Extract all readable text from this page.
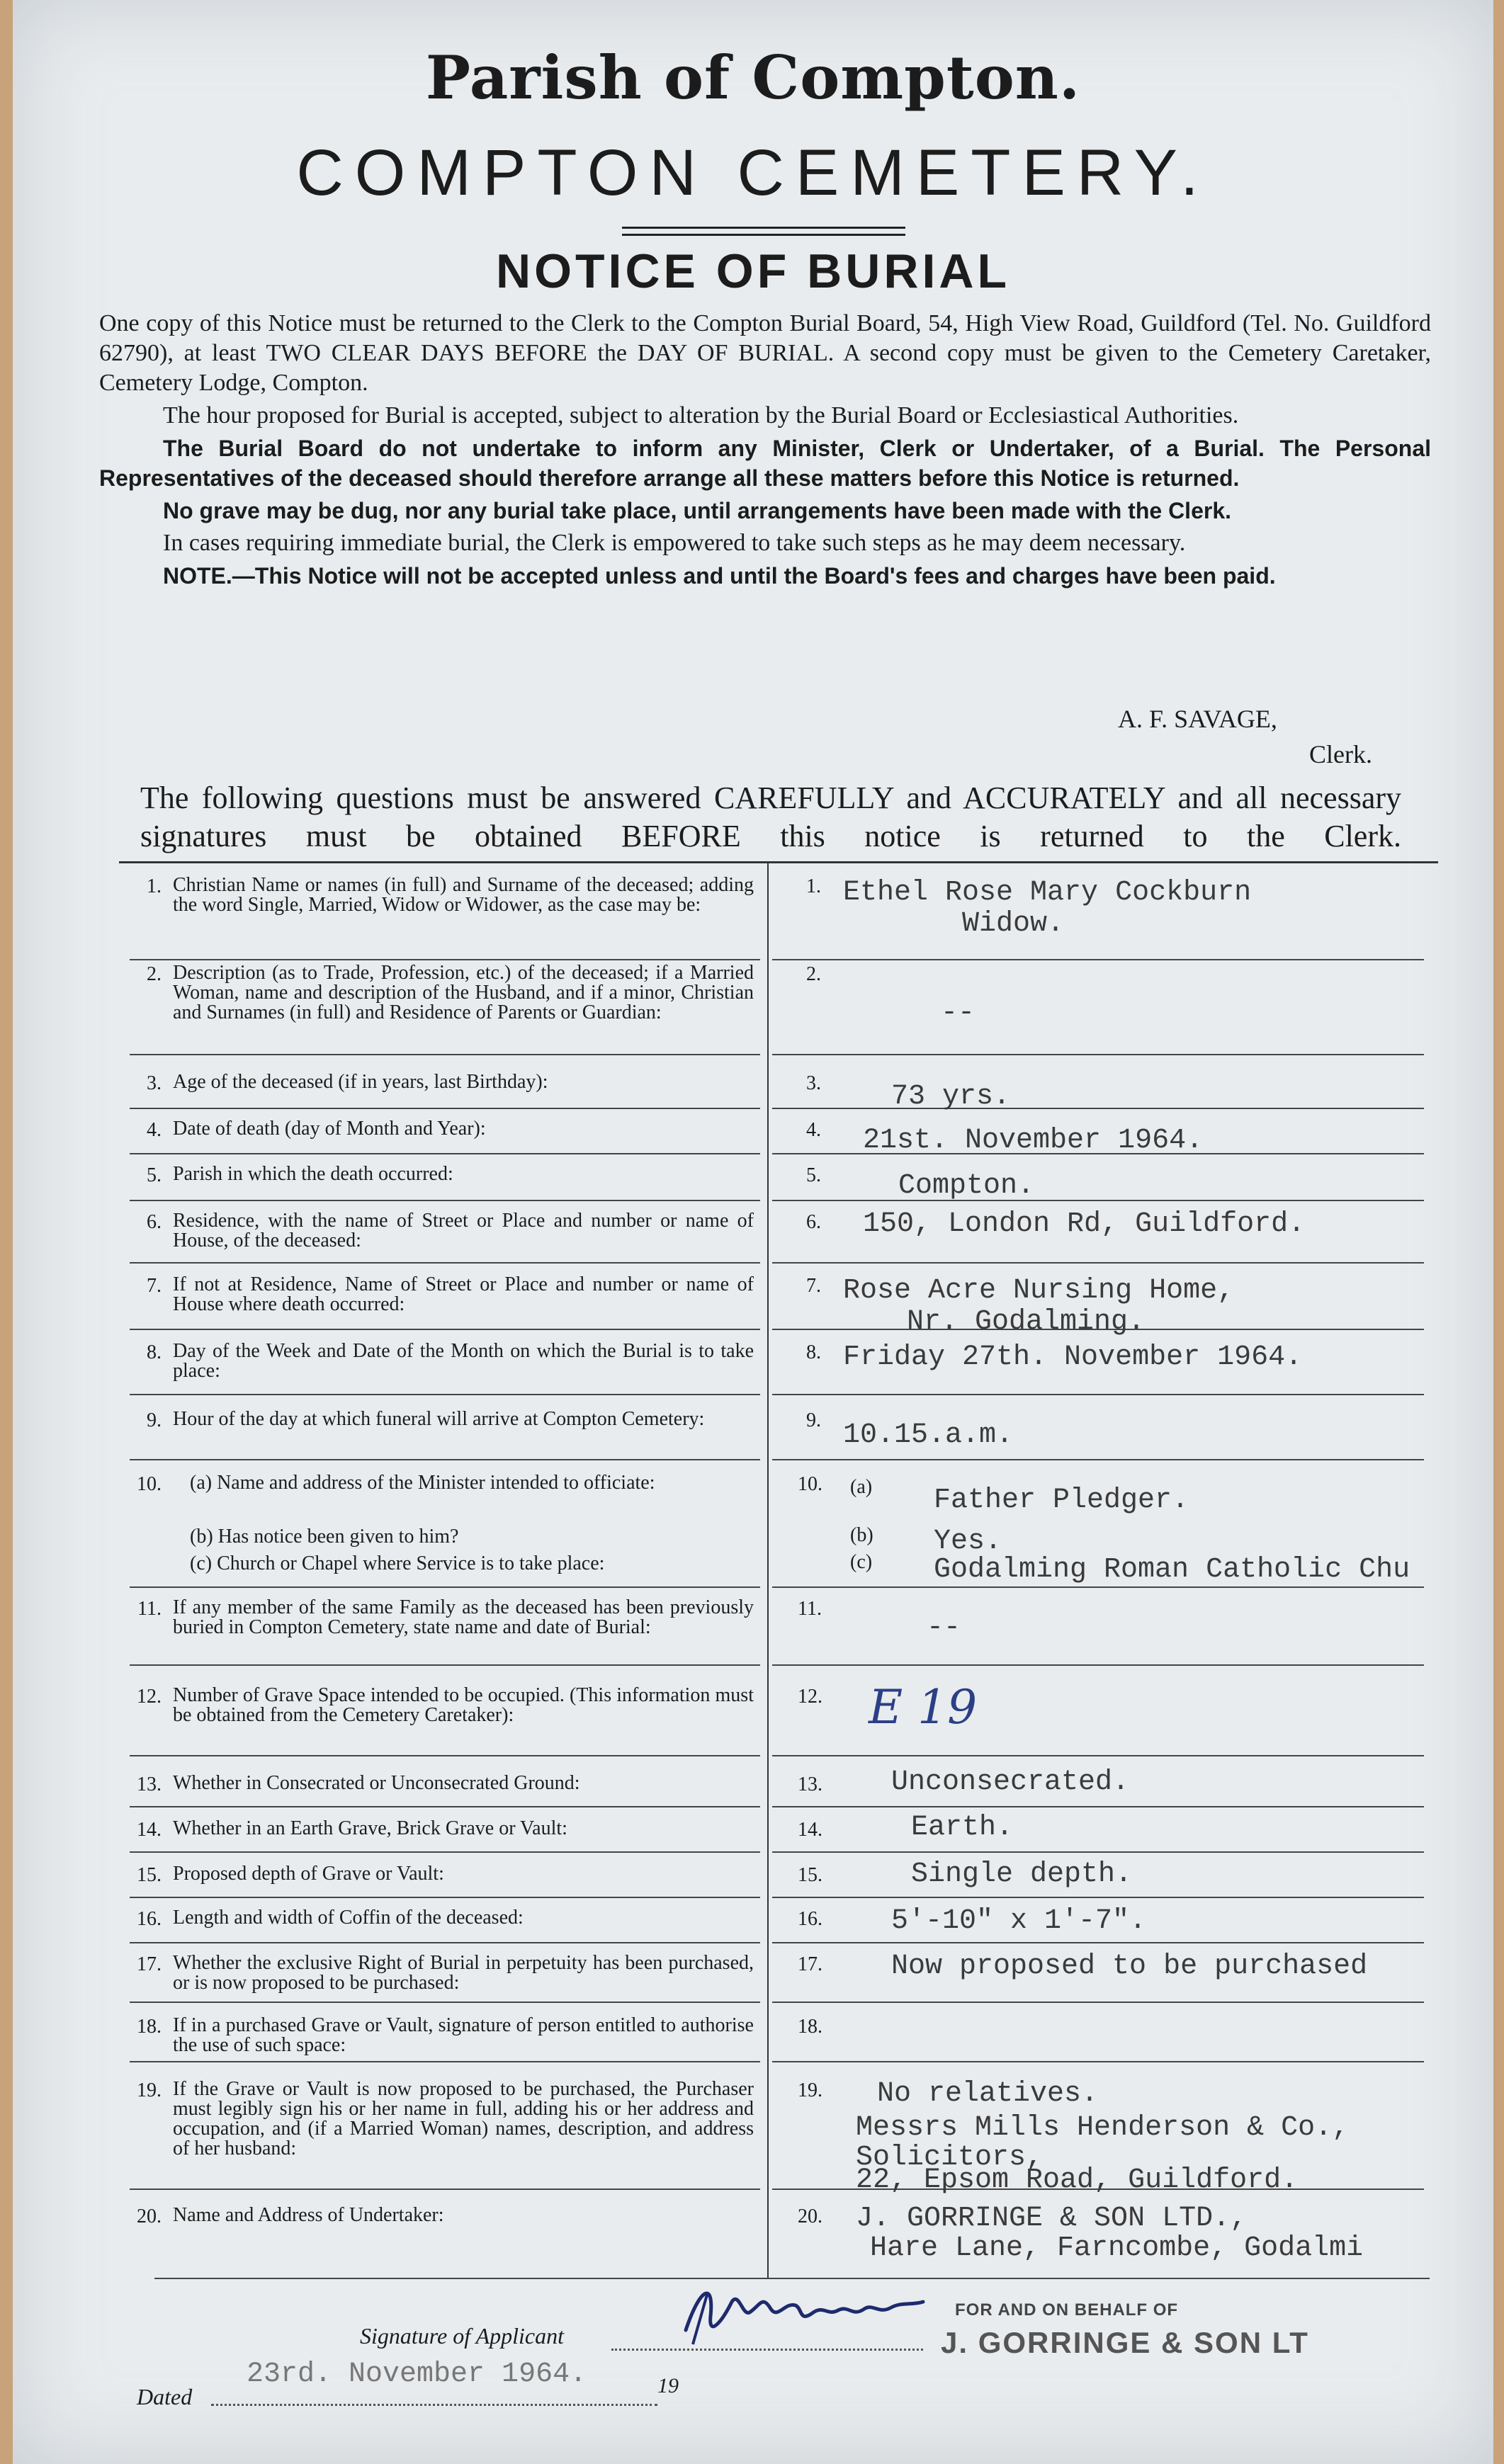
Parish of Compton.
COMPTON CEMETERY.
NOTICE OF BURIAL

One copy of this Notice must be returned to the Clerk to the Compton Burial Board, 54, High View Road, Guildford (Tel. No. Guildford 62790), at least TWO CLEAR DAYS BEFORE the DAY OF BURIAL. A second copy must be given to the Cemetery Caretaker, Cemetery Lodge, Compton.

The hour proposed for Burial is accepted, subject to alteration by the Burial Board or Ecclesiastical Authorities.

The Burial Board do not undertake to inform any Minister, Clerk or Undertaker, of a Burial. The Personal Representatives of the deceased should therefore arrange all these matters before this Notice is returned.

No grave may be dug, nor any burial take place, until arrangements have been made with the Clerk.

In cases requiring immediate burial, the Clerk is empowered to take such steps as he may deem necessary.

NOTE.—This Notice will not be accepted unless and until the Board's fees and charges have been paid.

A. F. SAVAGE,
Clerk.
The following questions must be answered CAREFULLY and ACCURATELY and all necessary signatures must be obtained BEFORE this notice is returned to the Clerk.
1. Christian Name or names (in full) and Surname of the deceased; adding the word Single, Married, Widow or Widower, as the case may be:
2. Description (as to Trade, Profession, etc.) of the deceased; if a Married Woman, name and description of the Husband, and if a minor, Christian and Surnames (in full) and Residence of Parents or Guardian:
3. Age of the deceased (if in years, last Birthday):
4. Date of death (day of Month and Year):
5. Parish in which the death occurred:
6. Residence, with the name of Street or Place and number or name of House, of the deceased:
7. If not at Residence, Name of Street or Place and number or name of House where death occurred:
8. Day of the Week and Date of the Month on which the Burial is to take place:
9. Hour of the day at which funeral will arrive at Compton Cemetery:
10. (a) Name and address of the Minister intended to officiate:
(b) Has notice been given to him?
(c) Church or Chapel where Service is to take place:
11. If any member of the same Family as the deceased has been previously buried in Compton Cemetery, state name and date of Burial:
12. Number of Grave Space intended to be occupied. (This information must be obtained from the Cemetery Caretaker):
13. Whether in Consecrated or Unconsecrated Ground:
14. Whether in an Earth Grave, Brick Grave or Vault:
15. Proposed depth of Grave or Vault:
16. Length and width of Coffin of the deceased:
17. Whether the exclusive Right of Burial in perpetuity has been purchased, or is now proposed to be purchased:
18. If in a purchased Grave or Vault, signature of person entitled to authorise the use of such space:
19. If the Grave or Vault is now proposed to be purchased, the Purchaser must legibly sign his or her name in full, adding his or her address and occupation, and (if a Married Woman) names, description, and address of her husband:
20. Name and Address of Undertaker:
Ethel Rose Mary Cockburn
Widow.
--
73 yrs.
21st. November 1964.
Compton.
150, London Rd, Guildford.
Rose Acre Nursing Home,
Nr. Godalming.
Friday 27th. November 1964.
10.15.a.m.
(a) Father Pledger.
(b) Yes.
(c) Godalming Roman Catholic Chu
--
E 19
Unconsecrated.
Earth.
Single depth.
5'-10" x 1'-7".
Now proposed to be purchased
No relatives.
Messrs Mills Henderson & Co.,
Solicitors,
22, Epsom Road, Guildford.
J. GORRINGE & SON LTD.,
Hare Lane, Farncombe, Godalmi
1.
2.
3.
4.
5.
6.
7.
8.
9.
10.
11.
12.
13.
14.
15.
16.
17.
18.
19.
20.
Signature of Applicant
JM Gorringe
FOR AND ON BEHALF OF
J. GORRINGE & SON LT
Dated
23rd. November 1964.	19
